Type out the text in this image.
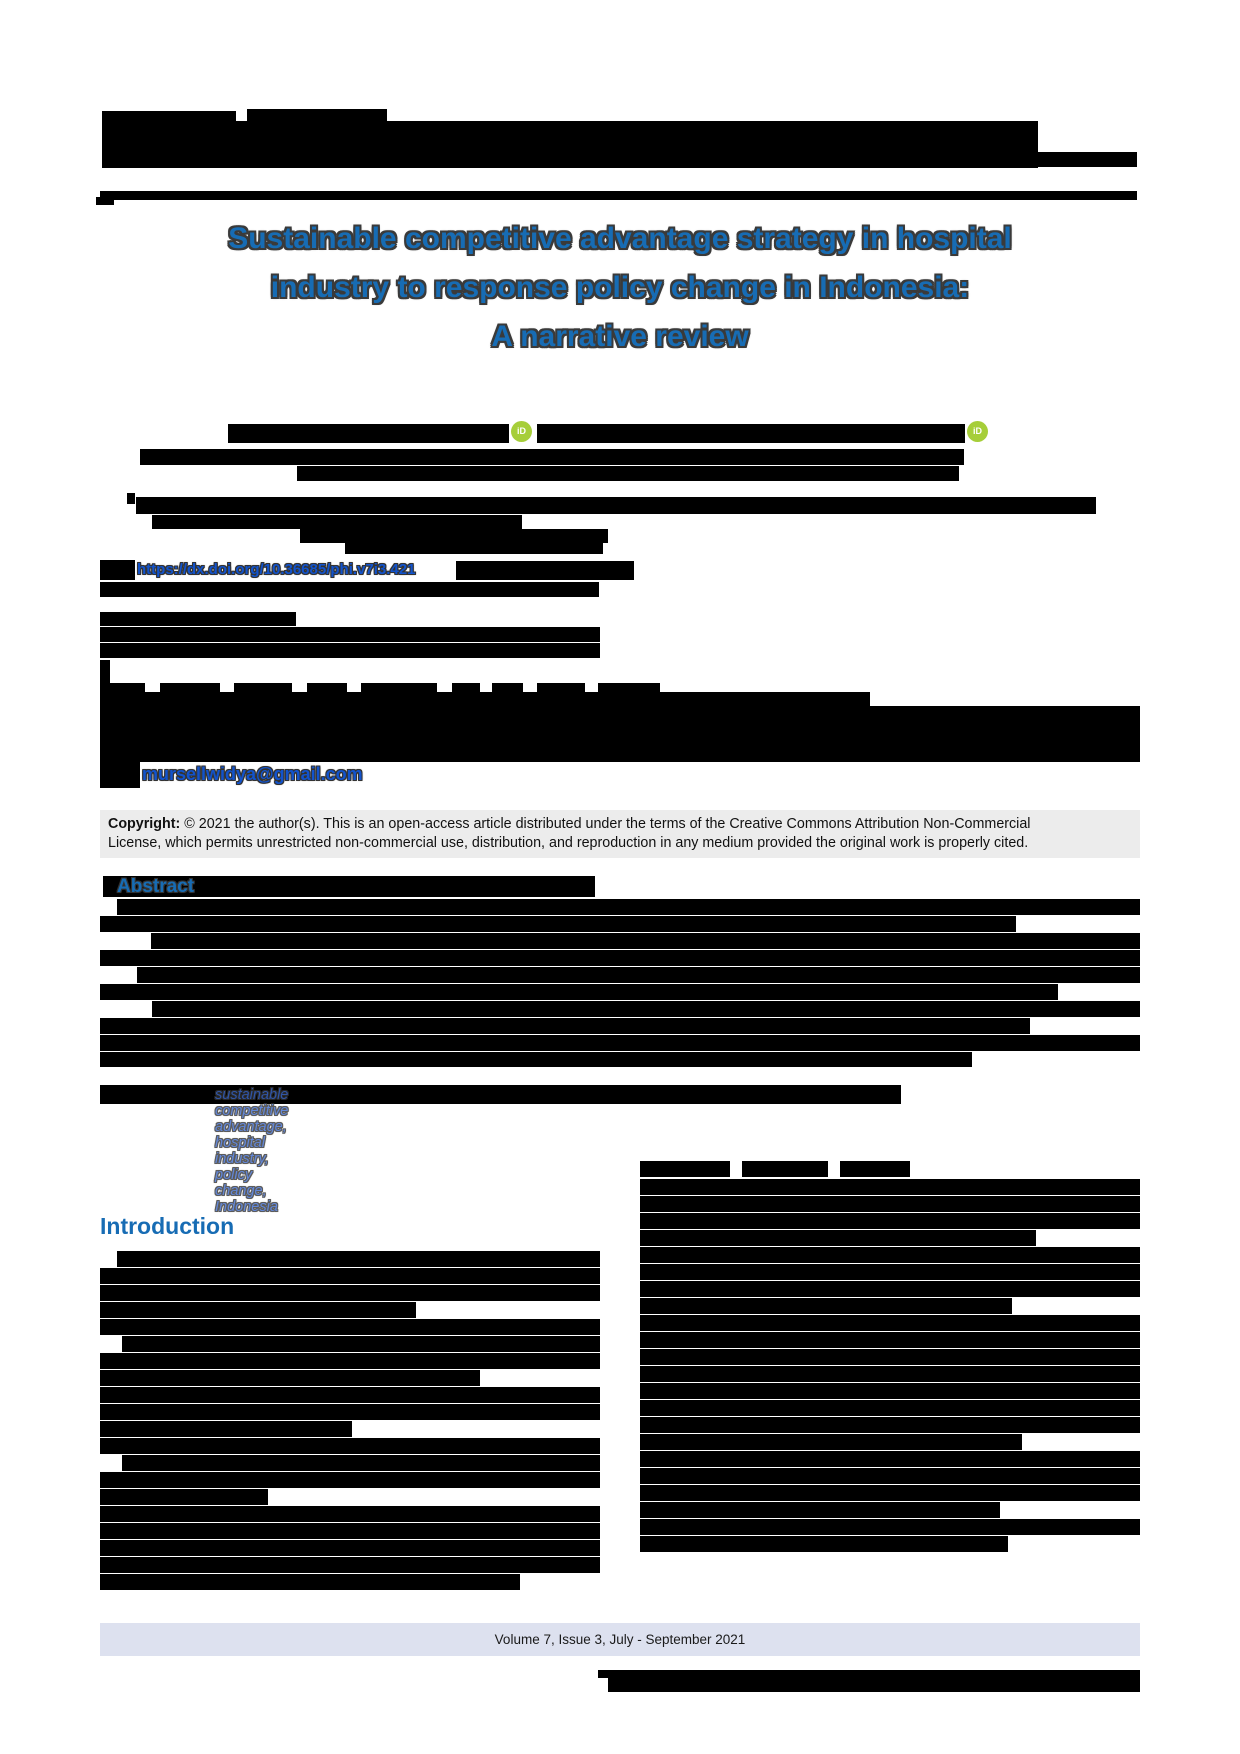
Sustainable competitive advantage strategy in hospital
industry to response policy change in Indonesia:
A narrative review
iD	iD
https://dx.doi.org/10.36685/phi.v7i3.421
mursellwidya@gmail.com
Copyright: © 2021 the author(s). This is an open-access article distributed under the terms of the Creative Commons Attribution Non-Commercial
License, which permits unrestricted non-commercial use, distribution, and reproduction in any medium provided the original work is properly cited.
Abstract
sustainable competitive advantage, hospital industry, policy change, Indonesia
Introduction
Volume 7, Issue 3, July - September 2021
